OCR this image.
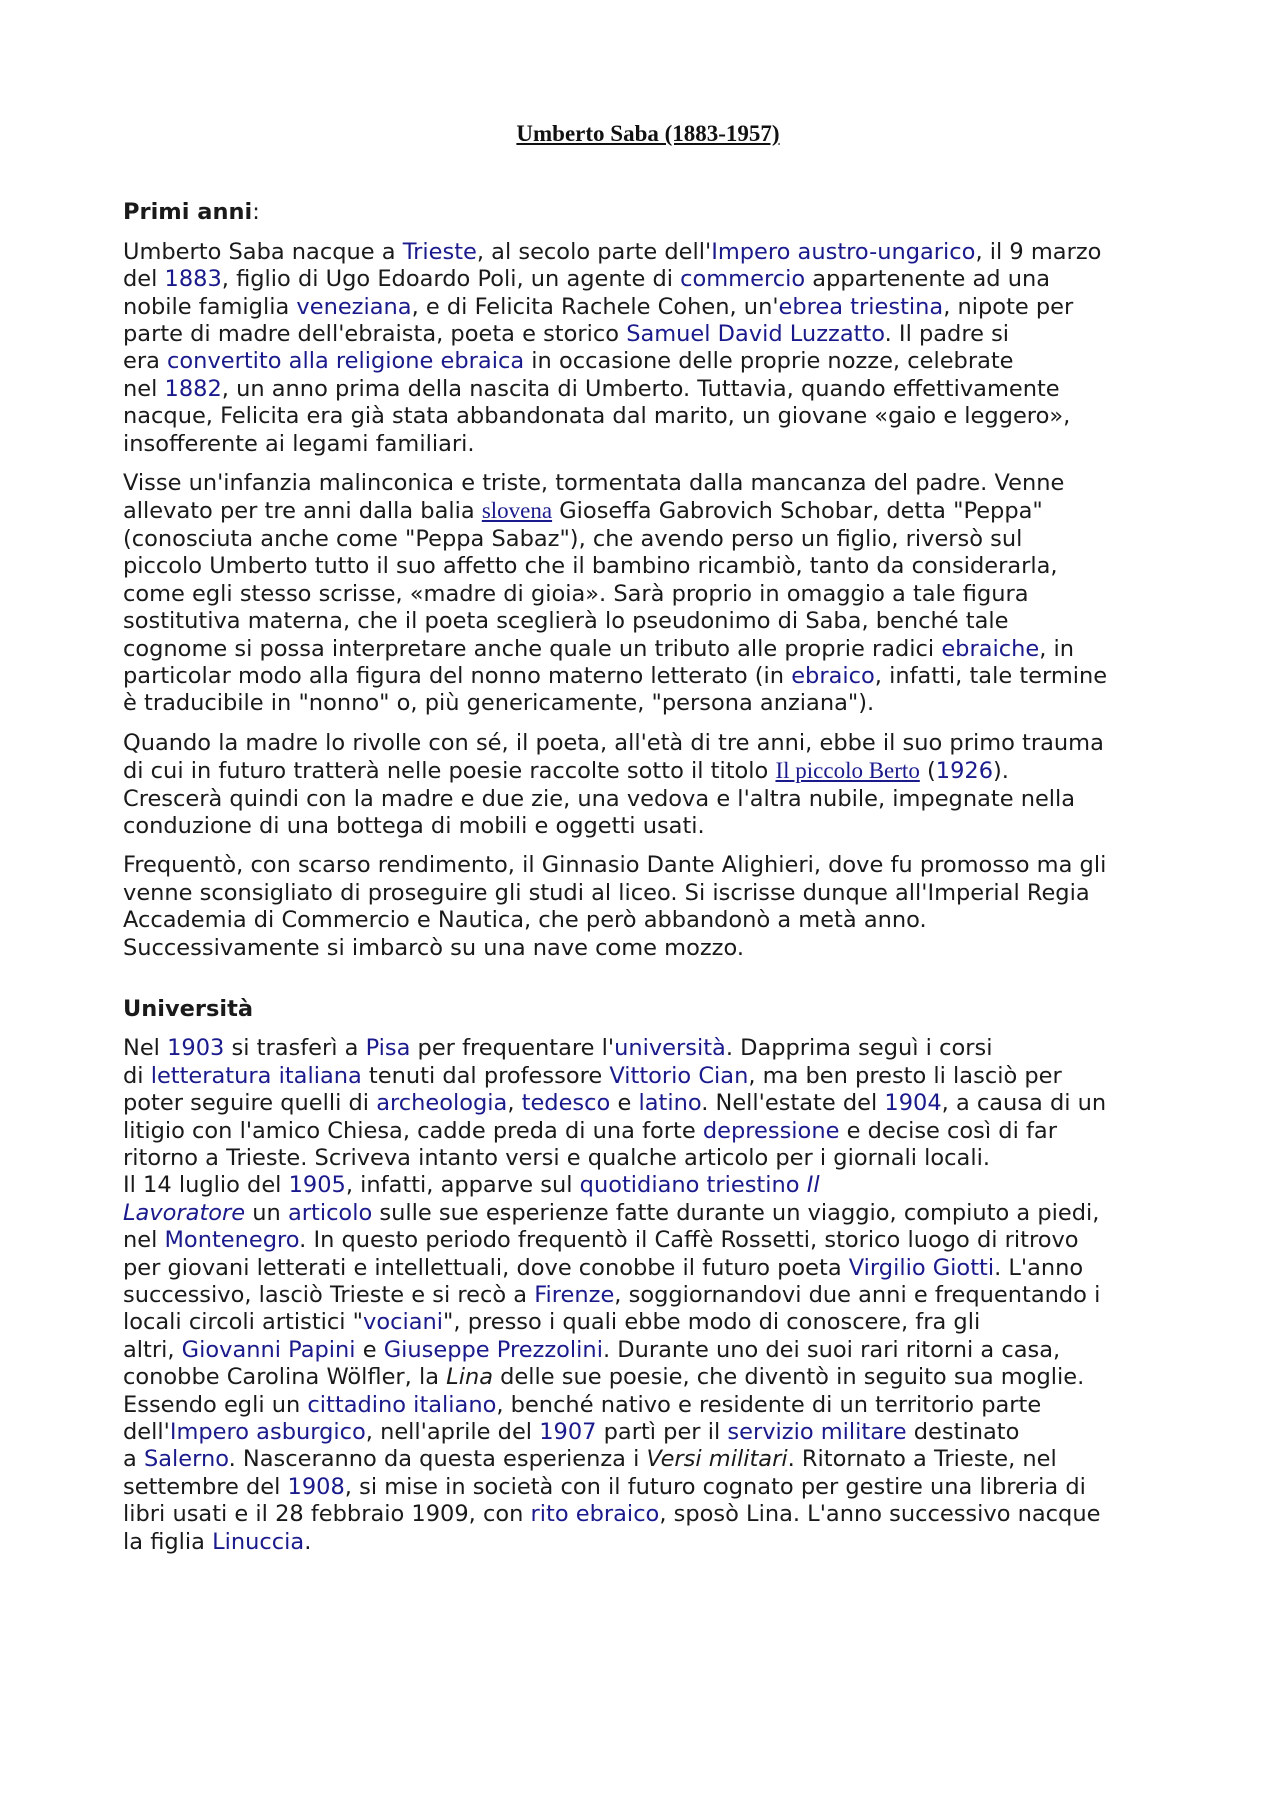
Umberto Saba (1883-1957)
Primi anni:

Umberto Saba nacque a Trieste, al secolo parte dell'Impero austro-ungarico, il 9 marzo
del 1883, figlio di Ugo Edoardo Poli, un agente di commercio appartenente ad una
nobile famiglia veneziana, e di Felicita Rachele Cohen, un'ebrea triestina, nipote per
parte di madre dell'ebraista, poeta e storico Samuel David Luzzatto. Il padre si
era convertito alla religione ebraica in occasione delle proprie nozze, celebrate
nel 1882, un anno prima della nascita di Umberto. Tuttavia, quando effettivamente
nacque, Felicita era già stata abbandonata dal marito, un giovane «gaio e leggero»,
insofferente ai legami familiari.

Visse un'infanzia malinconica e triste, tormentata dalla mancanza del padre. Venne
allevato per tre anni dalla balia slovena Gioseffa Gabrovich Schobar, detta "Peppa"
(conosciuta anche come "Peppa Sabaz"), che avendo perso un figlio, riversò sul
piccolo Umberto tutto il suo affetto che il bambino ricambiò, tanto da considerarla,
come egli stesso scrisse, «madre di gioia». Sarà proprio in omaggio a tale figura
sostitutiva materna, che il poeta sceglierà lo pseudonimo di Saba, benché tale
cognome si possa interpretare anche quale un tributo alle proprie radici ebraiche, in
particolar modo alla figura del nonno materno letterato (in ebraico, infatti, tale termine
è traducibile in "nonno" o, più genericamente, "persona anziana").

Quando la madre lo rivolle con sé, il poeta, all'età di tre anni, ebbe il suo primo trauma
di cui in futuro tratterà nelle poesie raccolte sotto il titolo Il piccolo Berto (1926).
Crescerà quindi con la madre e due zie, una vedova e l'altra nubile, impegnate nella
conduzione di una bottega di mobili e oggetti usati.

Frequentò, con scarso rendimento, il Ginnasio Dante Alighieri, dove fu promosso ma gli
venne sconsigliato di proseguire gli studi al liceo. Si iscrisse dunque all'Imperial Regia
Accademia di Commercio e Nautica, che però abbandonò a metà anno.
Successivamente si imbarcò su una nave come mozzo.

Università

Nel 1903 si trasferì a Pisa per frequentare l'università. Dapprima seguì i corsi
di letteratura italiana tenuti dal professore Vittorio Cian, ma ben presto li lasciò per
poter seguire quelli di archeologia, tedesco e latino. Nell'estate del 1904, a causa di un
litigio con l'amico Chiesa, cadde preda di una forte depressione e decise così di far
ritorno a Trieste. Scriveva intanto versi e qualche articolo per i giornali locali.
Il 14 luglio del 1905, infatti, apparve sul quotidiano triestino Il
Lavoratore un articolo sulle sue esperienze fatte durante un viaggio, compiuto a piedi,
nel Montenegro. In questo periodo frequentò il Caffè Rossetti, storico luogo di ritrovo
per giovani letterati e intellettuali, dove conobbe il futuro poeta Virgilio Giotti. L'anno
successivo, lasciò Trieste e si recò a Firenze, soggiornandovi due anni e frequentando i
locali circoli artistici "vociani", presso i quali ebbe modo di conoscere, fra gli
altri, Giovanni Papini e Giuseppe Prezzolini. Durante uno dei suoi rari ritorni a casa,
conobbe Carolina Wölfler, la Lina delle sue poesie, che diventò in seguito sua moglie.
Essendo egli un cittadino italiano, benché nativo e residente di un territorio parte
dell'Impero asburgico, nell'aprile del 1907 partì per il servizio militare destinato
a Salerno. Nasceranno da questa esperienza i Versi militari. Ritornato a Trieste, nel
settembre del 1908, si mise in società con il futuro cognato per gestire una libreria di
libri usati e il 28 febbraio 1909, con rito ebraico, sposò Lina. L'anno successivo nacque
la figlia Linuccia.
